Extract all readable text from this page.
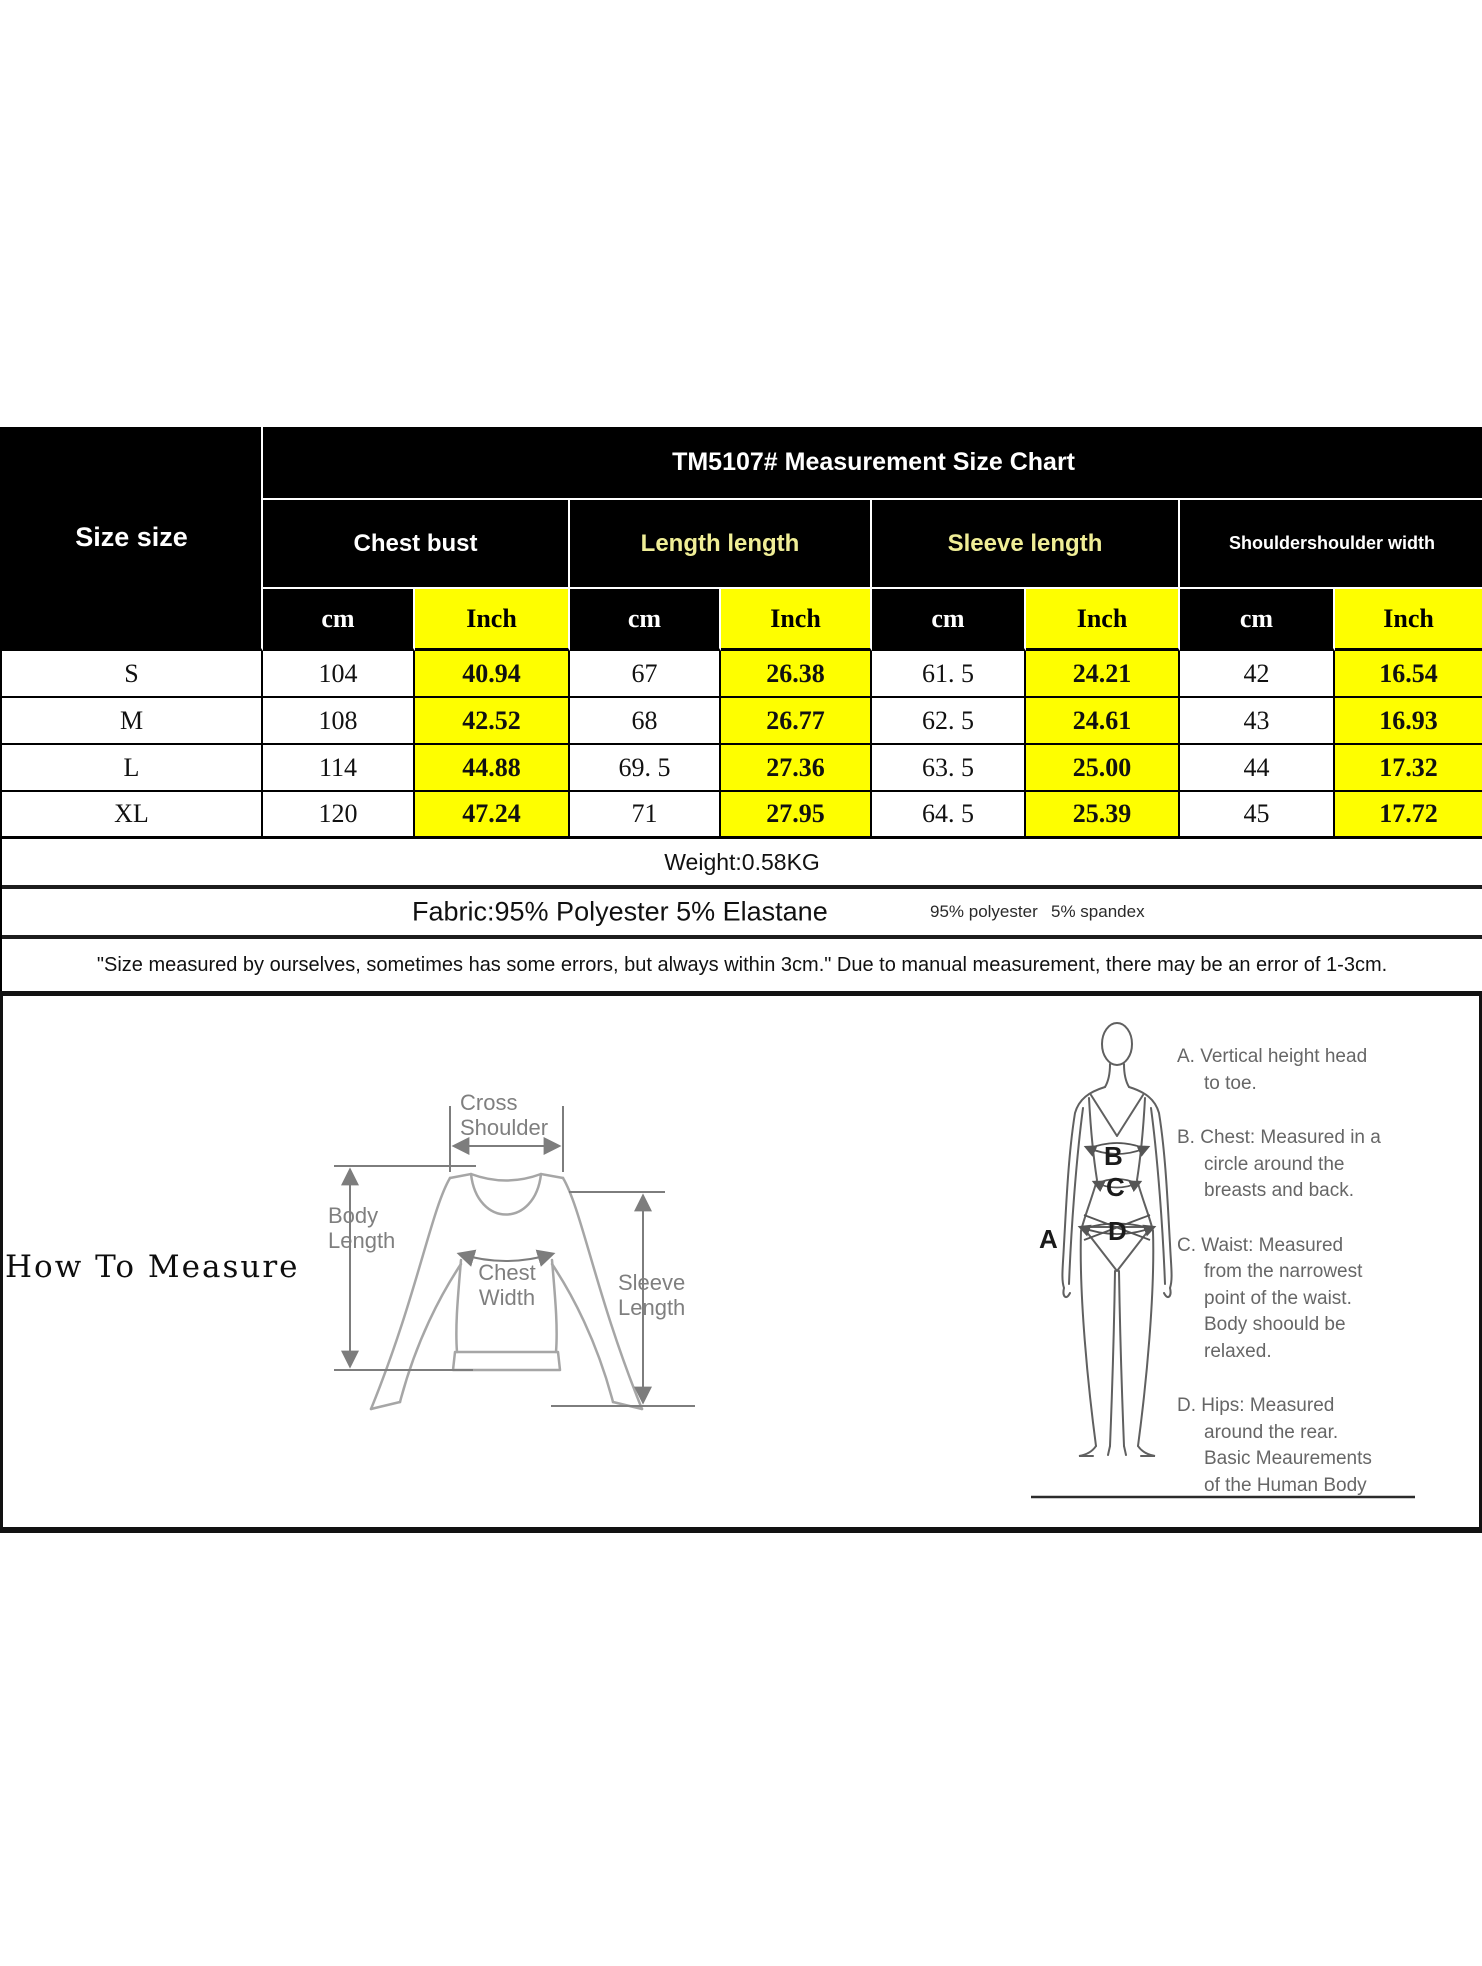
Size size	TM5107# Measurement Size Chart							
	Chest bust		Length length		Sleeve length		Shouldershoulder width	
	cm	Inch	cm	Inch	cm	Inch	cm	Inch
S	104	40.94	67	26.38	61. 5	24.21	42	16.54
M	108	42.52	68	26.77	62. 5	24.61	43	16.93
L	114	44.88	69. 5	27.36	63. 5	25.00	44	17.32
XL	120	47.24	71	27.95	64. 5	25.39	45	17.72
Weight:0.58KG								

Fabric:95% Polyester 5% Elastane 95% polyester 5% spandex								

"Size measured by ourselves, sometimes has some errors, but always within 3cm." Due to manual measurement, there may be an error of 1-3cm.								
How To Measure
Cross
Shoulder
Body
Length
Chest
Width
Sleeve
Length
A
B
C
D

A. Vertical height head
to toe.

B. Chest: Measured in a
circle around the
breasts and back.

C. Waist: Measured
from the narrowest
point of the waist.
Body shoould be
relaxed.

D. Hips: Measured
around the rear.
Basic Meaurements
of the Human Body
